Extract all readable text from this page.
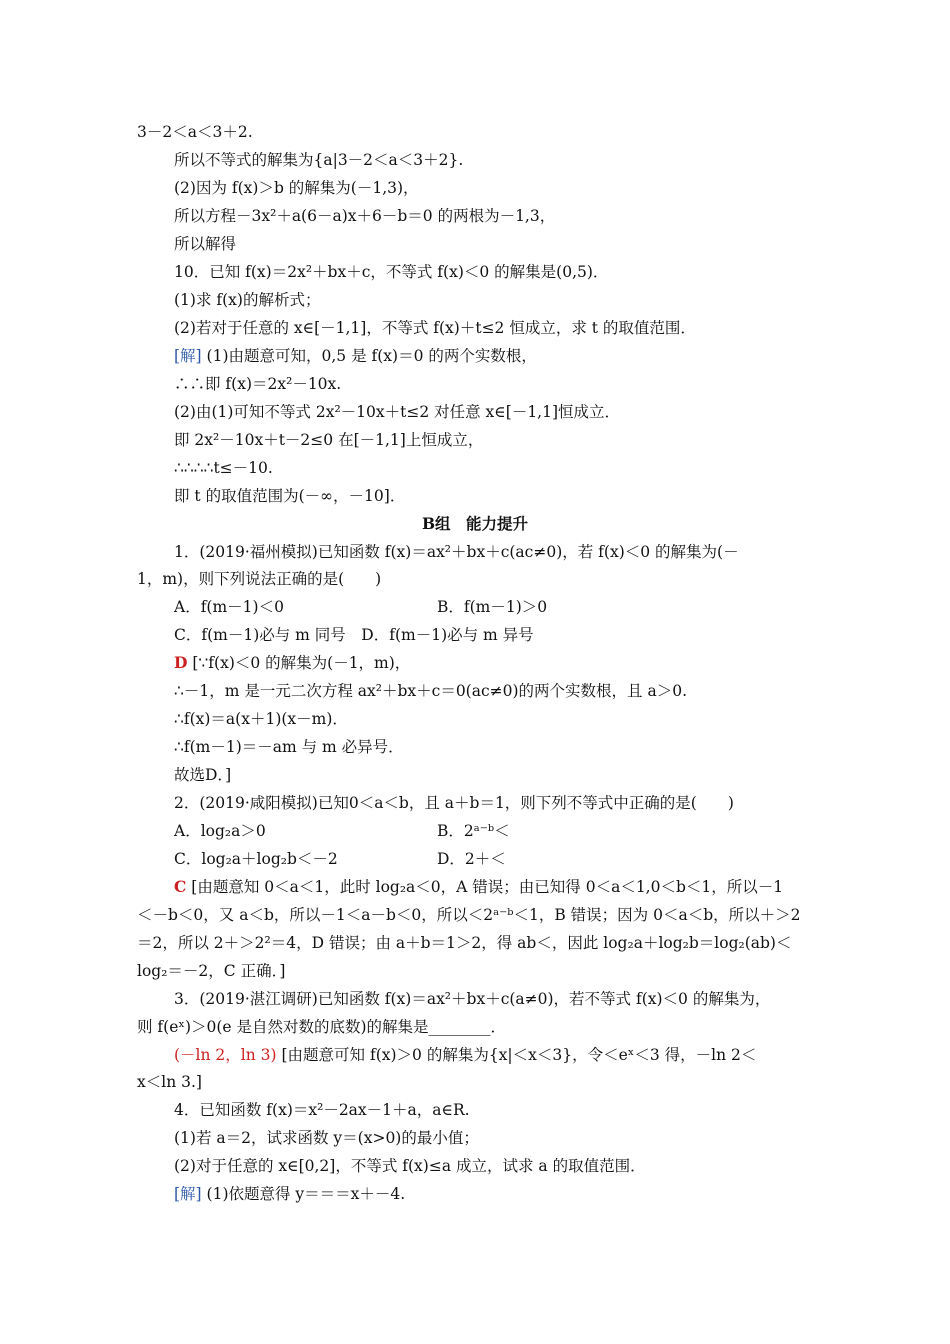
3－2＜a＜3＋2.
所以不等式的解集为{a|3－2＜a＜3＋2}.
(2)因为 f(x)＞b 的解集为(－1,3)，
所以方程－3x²＋a(6－a)x＋6－b＝0 的两根为－1,3，
所以解得
10．已知 f(x)＝2x²＋bx＋c，不等式 f(x)＜0 的解集是(0,5)．
(1)求 f(x)的解析式；
(2)若对于任意的 x∈[－1,1]，不等式 f(x)＋t≤2 恒成立，求 t 的取值范围．
[解] (1)由题意可知，0,5 是 f(x)＝0 的两个实数根，
∴∴即 f(x)＝2x²－10x.
(2)由(1)可知不等式 2x²－10x＋t≤2 对任意 x∈[－1,1]恒成立．
即 2x²－10x＋t－2≤0 在[－1,1]上恒成立，
∴∴∴∴t≤－10.
即 t 的取值范围为(－∞，－10]．
B组　能力提升
1．(2019·福州模拟)已知函数 f(x)＝ax²＋bx＋c(ac≠0)，若 f(x)＜0 的解集为(－
1，m)，则下列说法正确的是(　　)
A．f(m－1)＜0	B．f(m－1)＞0
C．f(m－1)必与 m 同号　D．f(m－1)必与 m 异号
D [∵f(x)＜0 的解集为(－1，m)，
∴－1，m 是一元二次方程 ax²＋bx＋c＝0(ac≠0)的两个实数根，且 a＞0.
∴f(x)＝a(x＋1)(x－m)．
∴f(m－1)＝－am 与 m 必异号．
故选D．]
2．(2019·咸阳模拟)已知0＜a＜b，且 a＋b＝1，则下列不等式中正确的是(　　)
A．log₂a＞0	B．2ᵃ⁻ᵇ＜
C．log₂a＋log₂b＜－2	D．2＋＜
C [由题意知 0＜a＜1，此时 log₂a＜0，A 错误；由已知得 0＜a＜1,0＜b＜1，所以－1
＜－b＜0，又 a＜b，所以－1＜a－b＜0，所以＜2ᵃ⁻ᵇ＜1，B 错误；因为 0＜a＜b，所以＋＞2
＝2，所以 2＋＞2²＝4，D 错误；由 a＋b＝1＞2，得 ab＜，因此 log₂a＋log₂b＝log₂(ab)＜
log₂＝－2，C 正确．]
3．(2019·湛江调研)已知函数 f(x)＝ax²＋bx＋c(a≠0)，若不等式 f(x)＜0 的解集为，
则 f(eˣ)＞0(e 是自然对数的底数)的解集是________．
(－ln 2，ln 3) [由题意可知 f(x)＞0 的解集为{x|＜x＜3}，令＜eˣ＜3 得，－ln 2＜
x＜ln 3.]
4．已知函数 f(x)＝x²－2ax－1＋a，a∈R.
(1)若 a＝2，试求函数 y＝(x>0)的最小值；
(2)对于任意的 x∈[0,2]，不等式 f(x)≤a 成立，试求 a 的取值范围．
[解] (1)依题意得 y＝＝＝x＋－4.
